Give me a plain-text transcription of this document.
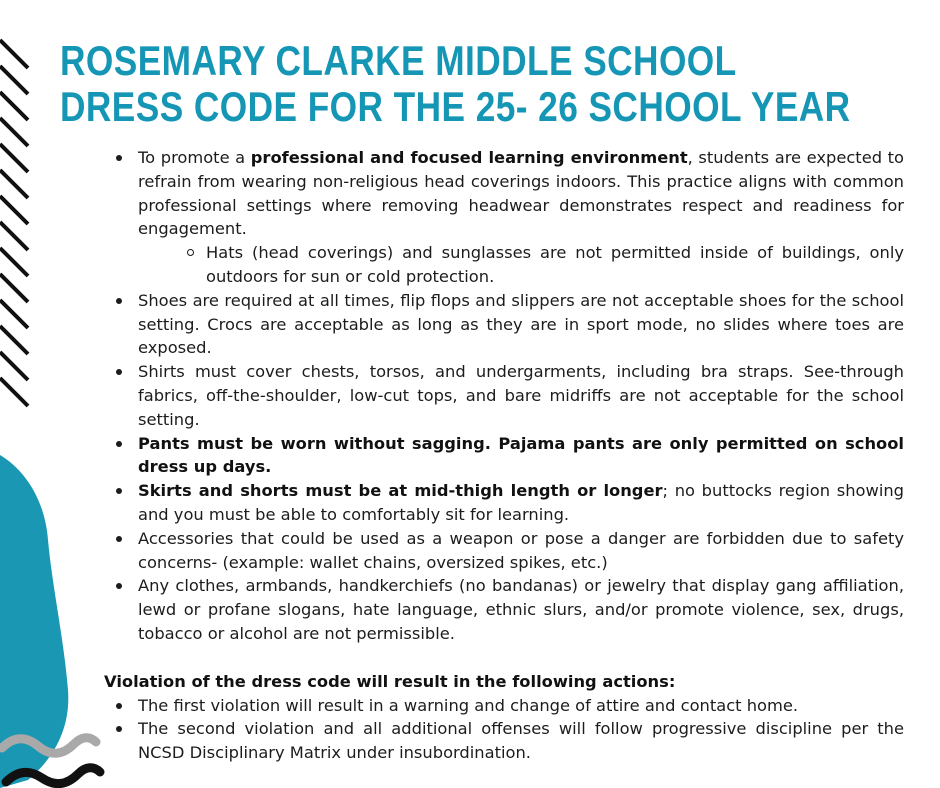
ROSEMARY CLARKE MIDDLE SCHOOL
DRESS CODE FOR THE 25- 26 SCHOOL YEAR
To promote a professional and focused learning environment, students are expected to refrain from wearing non-religious head coverings indoors. This practice aligns with common professional settings where removing headwear demonstrates respect and readiness for engagement.
Hats (head coverings) and sunglasses are not permitted inside of buildings, only outdoors for sun or cold protection.
Shoes are required at all times, flip flops and slippers are not acceptable shoes for the school setting. Crocs are acceptable as long as they are in sport mode, no slides where toes are exposed.
Shirts must cover chests, torsos, and undergarments, including bra straps. See-through fabrics, off-the-shoulder, low-cut tops, and bare midriffs are not acceptable for the school setting.
Pants must be worn without sagging. Pajama pants are only permitted on school dress up days.
Skirts and shorts must be at mid-thigh length or longer; no buttocks region showing and you must be able to comfortably sit for learning.
Accessories that could be used as a weapon or pose a danger are forbidden due to safety concerns- (example: wallet chains, oversized spikes, etc.)
Any clothes, armbands, handkerchiefs (no bandanas) or jewelry that display gang affiliation, lewd or profane slogans, hate language, ethnic slurs, and/or promote violence, sex, drugs, tobacco or alcohol are not permissible.
Violation of the dress code will result in the following actions:
The first violation will result in a warning and change of attire and contact home.
The second violation and all additional offenses will follow progressive discipline per the NCSD Disciplinary Matrix under insubordination.
